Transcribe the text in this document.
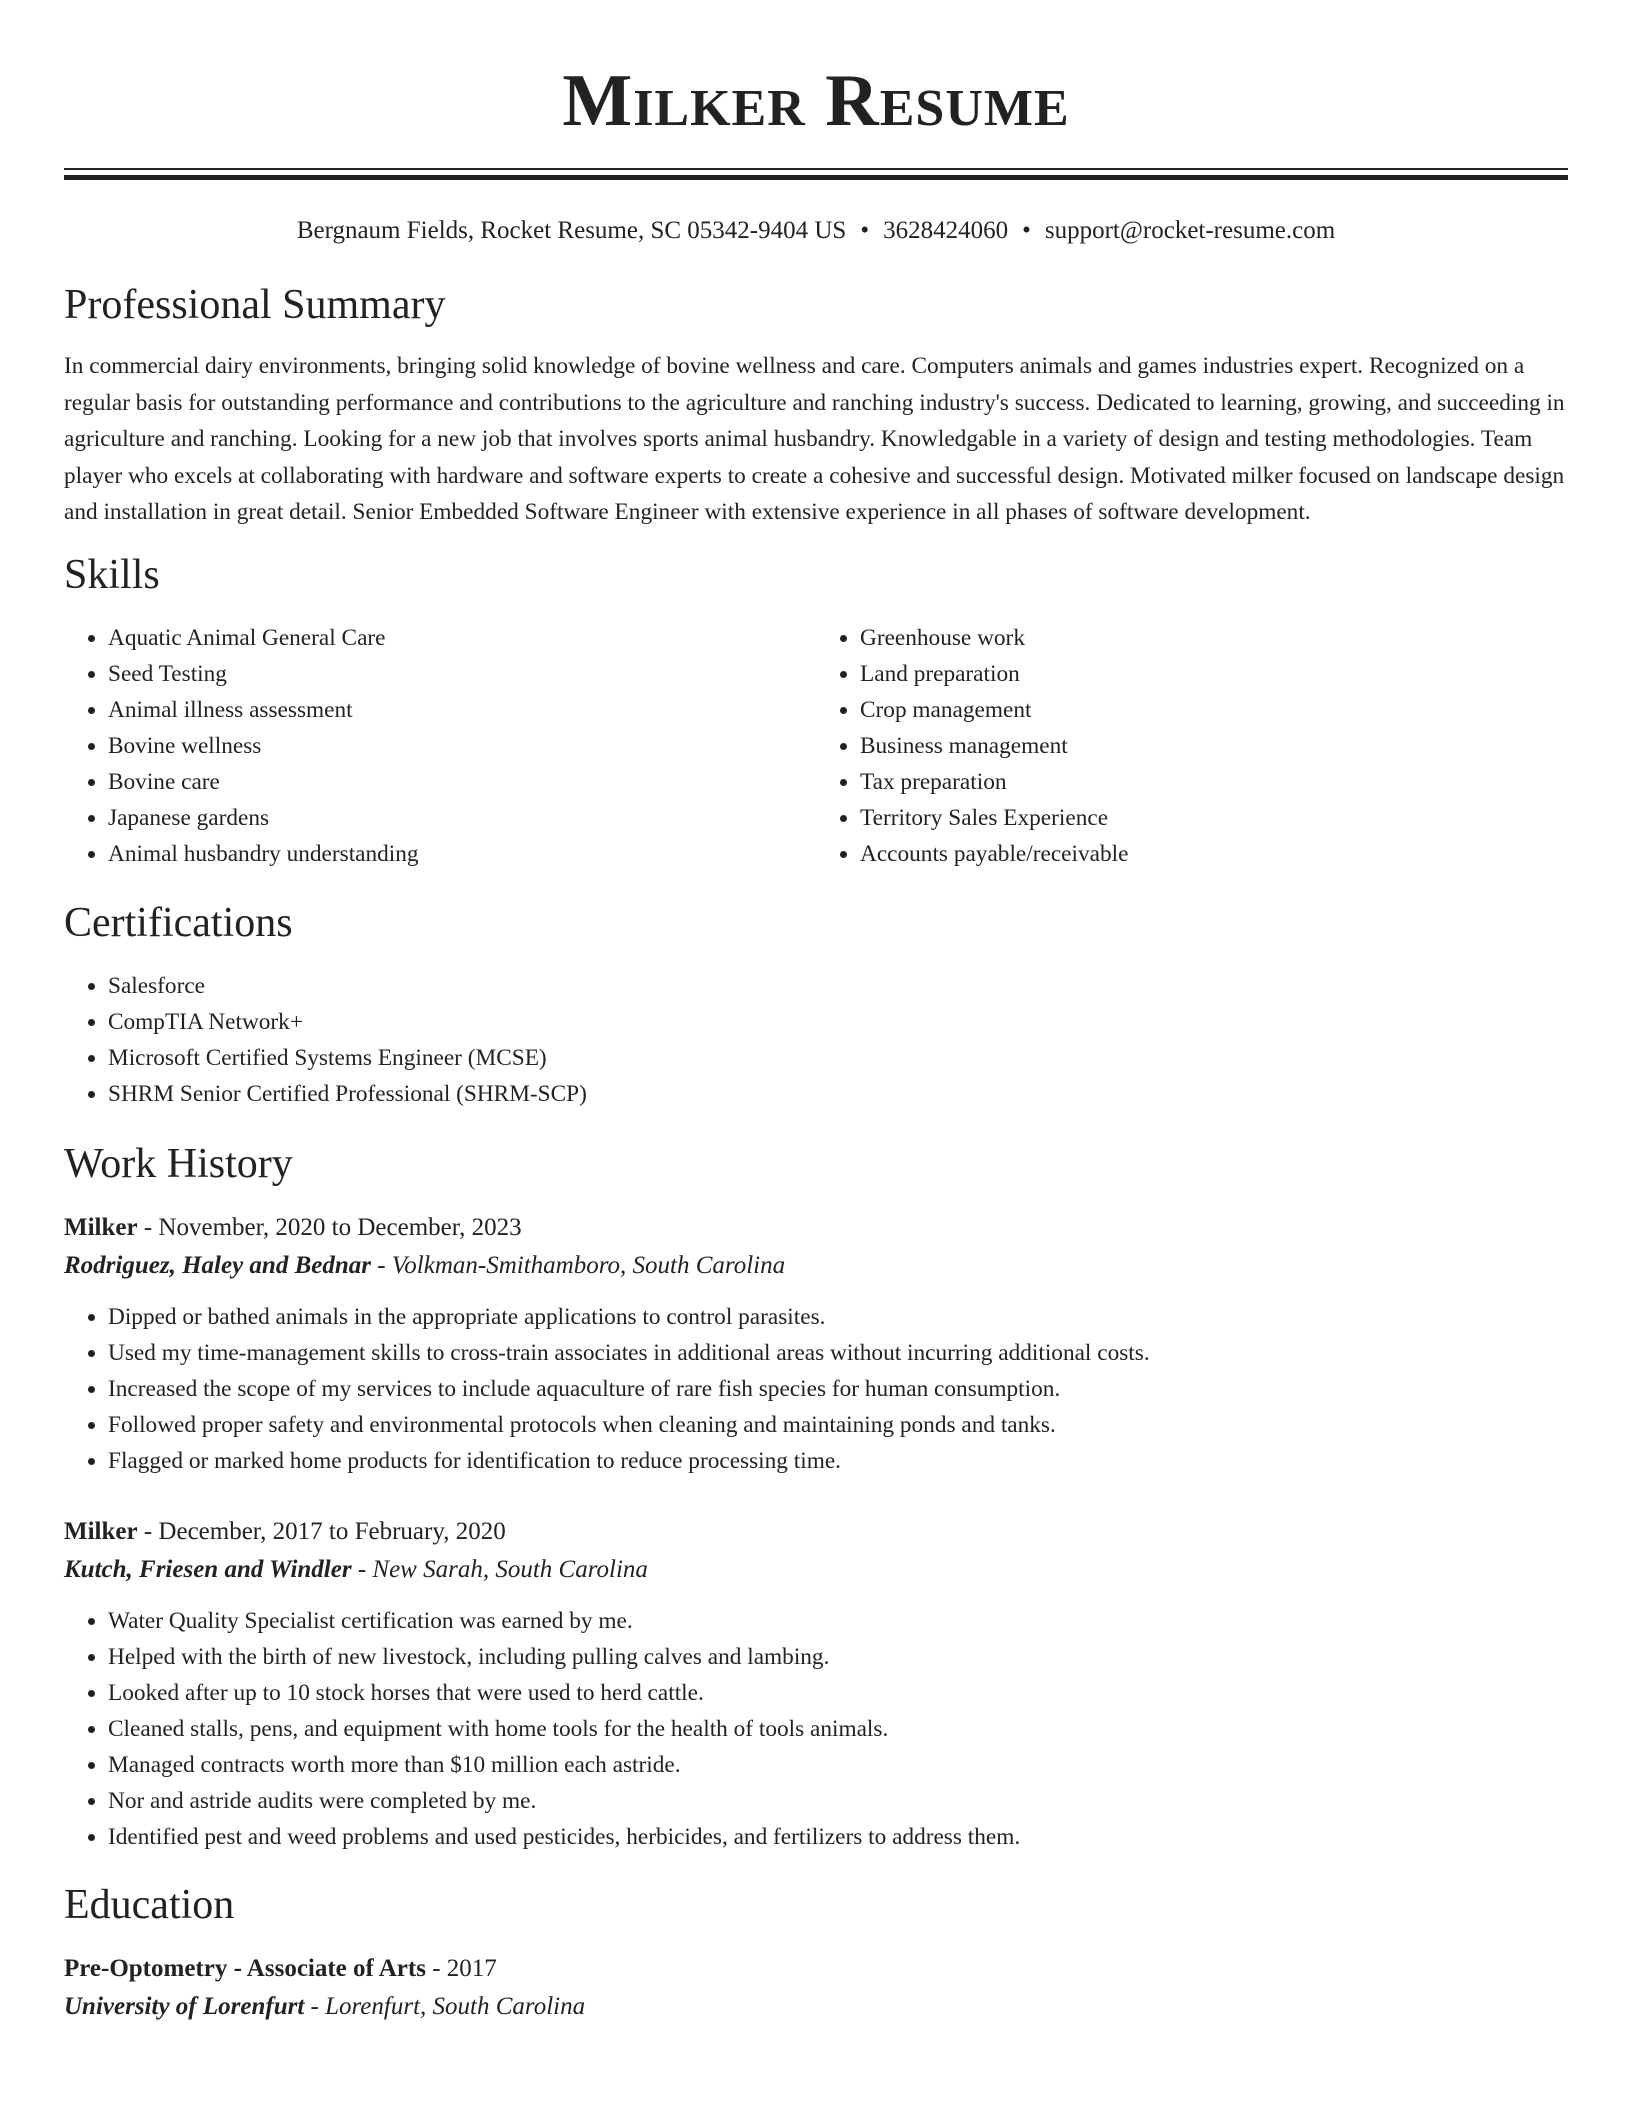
Milker Resume
Bergnaum Fields, Rocket Resume, SC 05342-9404 US • 3628424060 • support@rocket-resume.com
Professional Summary

In commercial dairy environments, bringing solid knowledge of bovine wellness and care. Computers animals and games industries expert. Recognized on a regular basis for outstanding performance and contributions to the agriculture and ranching industry's success. Dedicated to learning, growing, and succeeding in agriculture and ranching. Looking for a new job that involves sports animal husbandry. Knowledgable in a variety of design and testing methodologies. Team player who excels at collaborating with hardware and software experts to create a cohesive and successful design. Motivated milker focused on landscape design and installation in great detail. Senior Embedded Software Engineer with extensive experience in all phases of software development.

Skills
• Aquatic Animal General Care
• Seed Testing
• Animal illness assessment
• Bovine wellness
• Bovine care
• Japanese gardens
• Animal husbandry understanding
• Greenhouse work
• Land preparation
• Crop management
• Business management
• Tax preparation
• Territory Sales Experience
• Accounts payable/receivable
Certifications
• Salesforce
• CompTIA Network+
• Microsoft Certified Systems Engineer (MCSE)
• SHRM Senior Certified Professional (SHRM-SCP)
Work History
Milker - November, 2020 to December, 2023
Rodriguez, Haley and Bednar - Volkman-Smithamboro, South Carolina
• Dipped or bathed animals in the appropriate applications to control parasites.
• Used my time-management skills to cross-train associates in additional areas without incurring additional costs.
• Increased the scope of my services to include aquaculture of rare fish species for human consumption.
• Followed proper safety and environmental protocols when cleaning and maintaining ponds and tanks.
• Flagged or marked home products for identification to reduce processing time.
Milker - December, 2017 to February, 2020
Kutch, Friesen and Windler - New Sarah, South Carolina
• Water Quality Specialist certification was earned by me.
• Helped with the birth of new livestock, including pulling calves and lambing.
• Looked after up to 10 stock horses that were used to herd cattle.
• Cleaned stalls, pens, and equipment with home tools for the health of tools animals.
• Managed contracts worth more than $10 million each astride.
• Nor and astride audits were completed by me.
• Identified pest and weed problems and used pesticides, herbicides, and fertilizers to address them.
Education
Pre-Optometry - Associate of Arts - 2017
University of Lorenfurt - Lorenfurt, South Carolina
